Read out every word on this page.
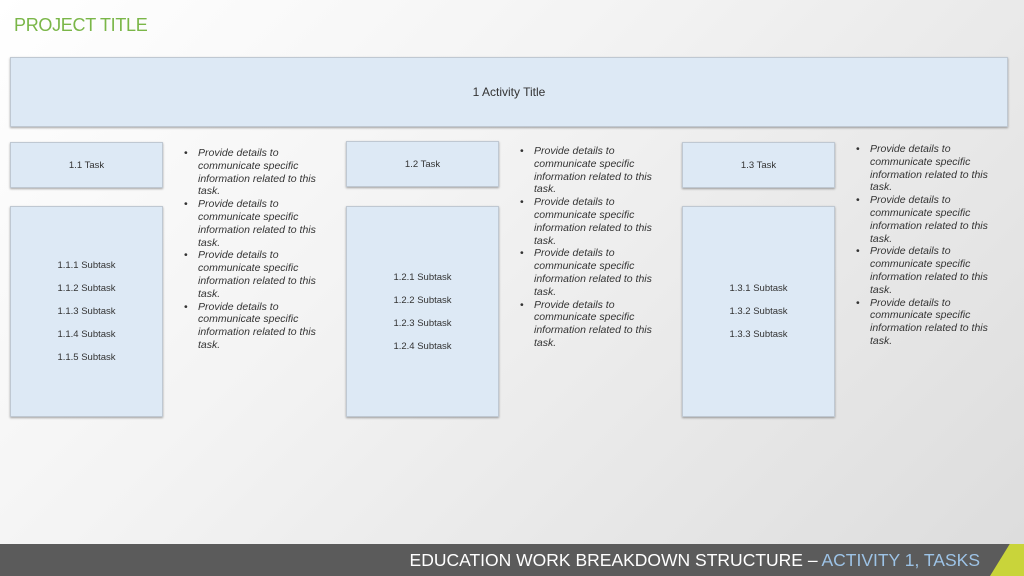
PROJECT TITLE
1 Activity Title
1.1 Task
1.1.1 Subtask
1.1.2 Subtask
1.1.3 Subtask
1.1.4 Subtask
1.1.5 Subtask
• Provide details to communicate specific information related to this task.
• Provide details to communicate specific information related to this task.
• Provide details to communicate specific information related to this task.
• Provide details to communicate specific information related to this task.
1.2 Task
1.2.1 Subtask
1.2.2 Subtask
1.2.3 Subtask
1.2.4 Subtask
• Provide details to communicate specific information related to this task.
• Provide details to communicate specific information related to this task.
• Provide details to communicate specific information related to this task.
• Provide details to communicate specific information related to this task.
1.3 Task
1.3.1 Subtask
1.3.2 Subtask
1.3.3 Subtask
• Provide details to communicate specific information related to this task.
• Provide details to communicate specific information related to this task.
• Provide details to communicate specific information related to this task.
• Provide details to communicate specific information related to this task.
EDUCATION WORK BREAKDOWN STRUCTURE – ACTIVITY 1, TASKS
